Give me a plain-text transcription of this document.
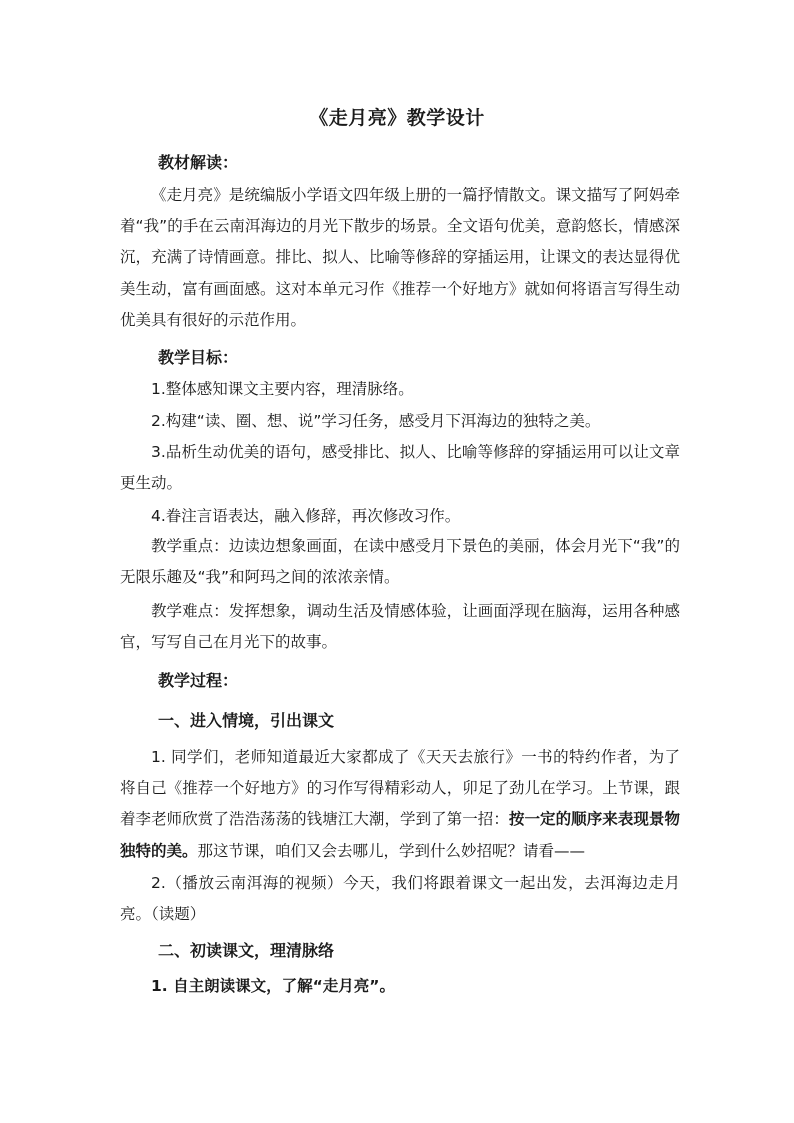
《走月亮》教学设计
教材解读：
《走月亮》是统编版小学语文四年级上册的一篇抒情散文。课文描写了阿妈牵着“我”的手在云南洱海边的月光下散步的场景。全文语句优美，意韵悠长，情感深沉，充满了诗情画意。排比、拟人、比喻等修辞的穿插运用，让课文的表达显得优美生动，富有画面感。这对本单元习作《推荐一个好地方》就如何将语言写得生动优美具有很好的示范作用。
教学目标：
1.整体感知课文主要内容，理清脉络。
2.构建“读、圈、想、说”学习任务，感受月下洱海边的独特之美。
3.品析生动优美的语句，感受排比、拟人、比喻等修辞的穿插运用可以让文章更生动。
4.眷注言语表达，融入修辞，再次修改习作。
教学重点：边读边想象画面，在读中感受月下景色的美丽，体会月光下“我”的无限乐趣及“我”和阿玛之间的浓浓亲情。
教学难点：发挥想象，调动生活及情感体验，让画面浮现在脑海，运用各种感官，写写自己在月光下的故事。
教学过程：
一、进入情境，引出课文
1. 同学们，老师知道最近大家都成了《天天去旅行》一书的特约作者，为了将自己《推荐一个好地方》的习作写得精彩动人，卯足了劲儿在学习。上节课，跟着李老师欣赏了浩浩荡荡的钱塘江大潮，学到了第一招：按一定的顺序来表现景物独特的美。那这节课，咱们又会去哪儿，学到什么妙招呢？请看——
2.（播放云南洱海的视频）今天，我们将跟着课文一起出发，去洱海边走月亮。（读题）
二、初读课文，理清脉络
1. 自主朗读课文，了解“走月亮”。
